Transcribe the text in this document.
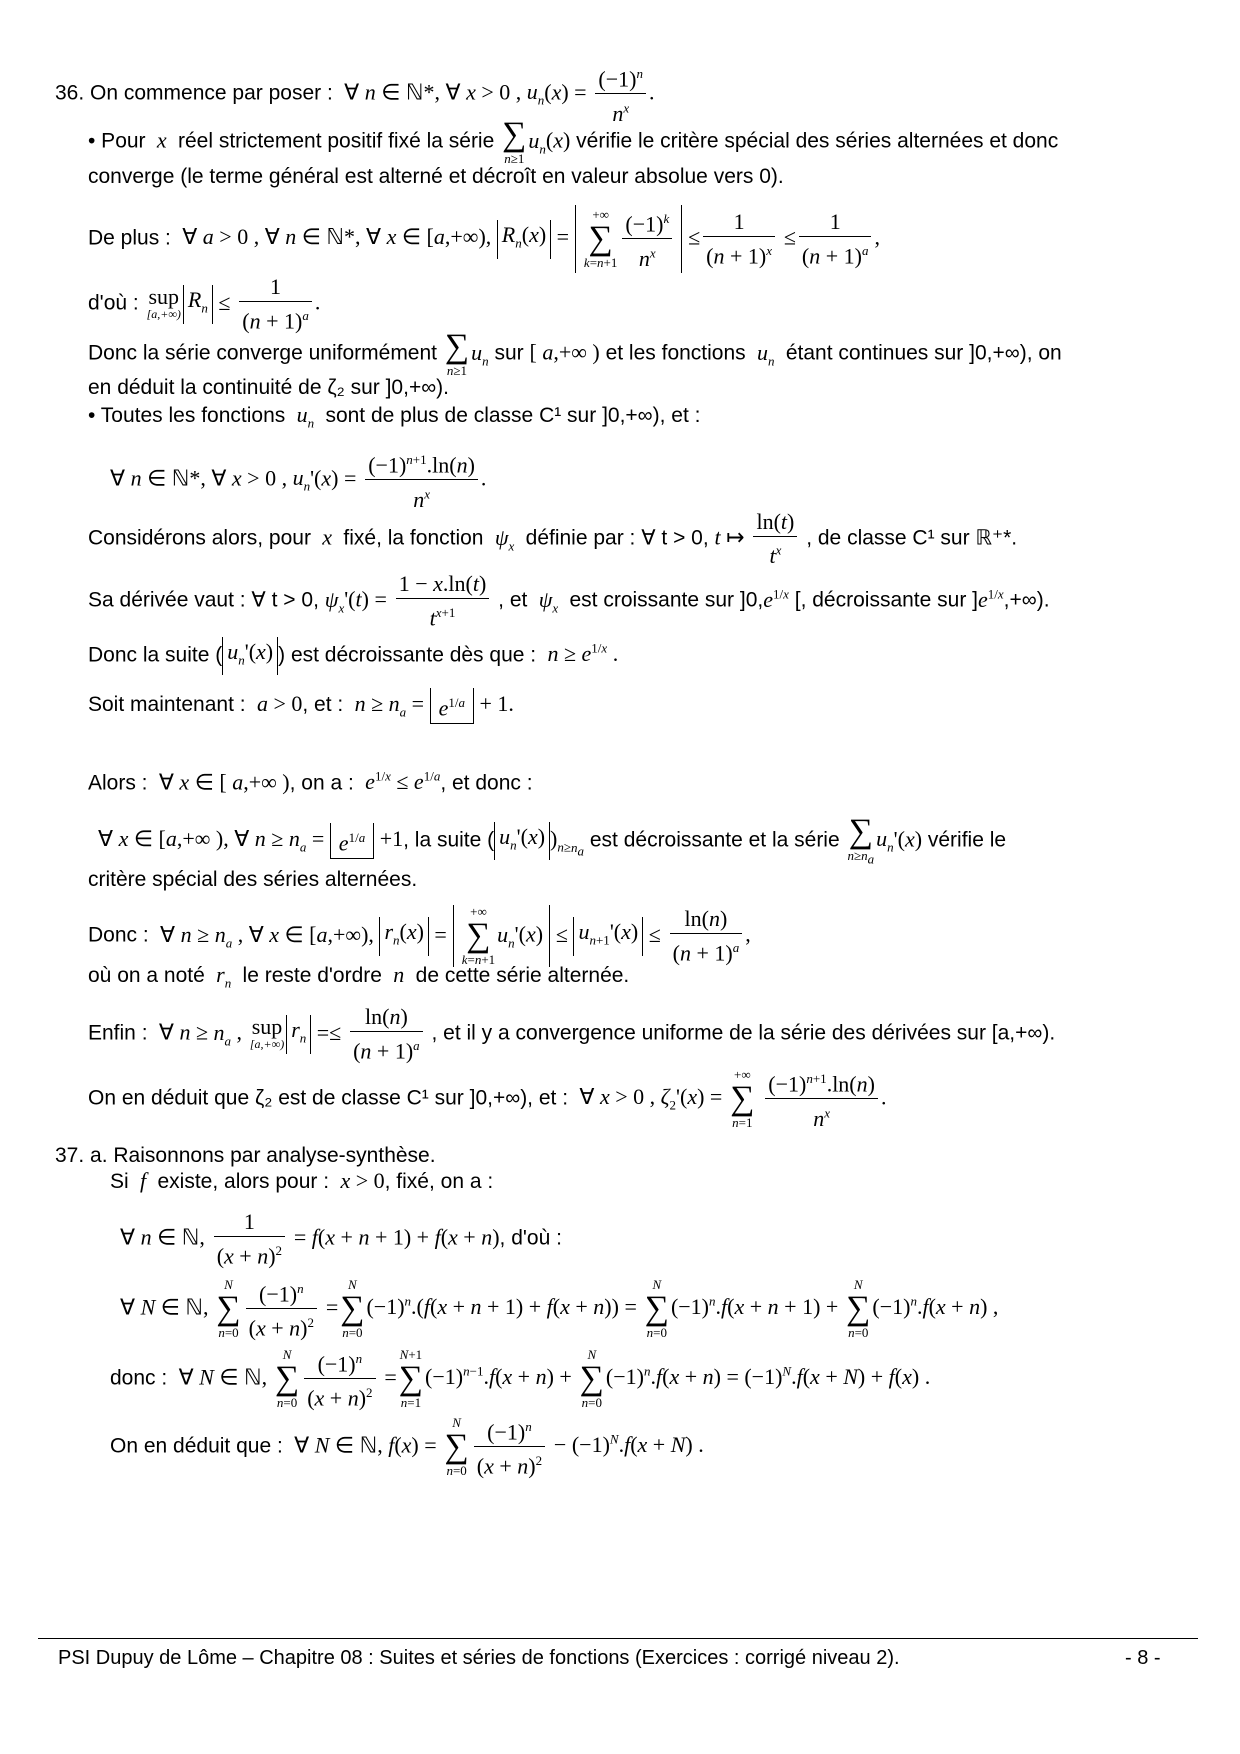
36. On commence par poser :  ∀ n ∈ ℕ*, ∀ x > 0 , $u_n(x) = \frac{(-1)^n}{n^x}$ .
• Pour  x  réel strictement positif fixé la série ∑
n≥1
$u_n(x)$ vérifie le critère spécial des séries alternées et donc
converge (le terme général est alterné et décroît en valeur absolue vers 0).
De plus :  ∀ a > 0 , ∀ n ∈ ℕ*, ∀ x ∈ [a,+∞), $R_n(x)$ =
+∞
∑
$k=n+1 \frac{(-1)^k}{n^x} \le \frac{1}{(n + 1)^x} \le \frac{1}{(n + 1)^a}$ ,
d'où : sup
[a,+∞)
$R_n \le \frac{1}{(n + 1)^a}$ .
Donc la série converge uniformément ∑
n≥1
$u_n$ sur [ a,+∞ ) et les fonctions  $u_n$ étant continues sur ]0,+∞), on
en déduit la continuité de ζ₂ sur ]0,+∞).
• Toutes les fonctions  $u_n$ sont de plus de classe C¹ sur ]0,+∞), et :
∀ n ∈ ℕ*, ∀ x > 0 , $u_n'(x) = \frac{(-1)^{n+1}.\ln(n)}{n^x}$ .
Considérons alors, pour  x  fixé, la fonction  $\psi_x$ définie par : ∀ t > 0, t ↦ $\frac{\ln(t)}{t^x}$ , de classe C¹ sur ℝ⁺*.
Sa dérivée vaut : ∀ t > 0, $\psi_x'(t) = \frac{1 - x.\ln(t)}{t^{x+1}}$ , et  $\psi_x$ est croissante sur ]$0,e^{1/x}$ [, décroissante sur ]$e^{1/x},+\infty$).
Donc la suite ( $u_n'(x)$ ) est décroissante dès que : $n \ge e^{1/x}$ .
Soit maintenant : a > 0, et : $n \ge n_a = e^{1/a} + 1$.
Alors :  ∀ x ∈ [ a,+∞ ), on a : $e^{1/x} \le e^{1/a}$, et donc :
∀ x ∈ [a,+∞ ), ∀ $n \ge n_a = e^{1/a} +1$, la suite ( $u_n'(x)$ )$_{n\ge n_a}$ est décroissante et la série ∑
$n\ge n_a$
$u_n'(x)$ vérifie le
critère spécial des séries alternées.
Donc :  ∀ $n \ge n_a$ , ∀ x ∈ [a,+∞), $r_n(x)$ =
+∞
∑
k=n+1
$u_n'(x) \le u_{n+1}'(x) \le \frac{\ln(n)}{(n + 1)^a}$ ,
où on a noté  $r_n$ le reste d'ordre  n  de cette série alternée.
Enfin :  ∀ $n \ge n_a$ , sup
[a,+∞)
$r_n =\le \frac{\ln(n)}{(n + 1)^a}$ , et il y a convergence uniforme de la série des dérivées sur [a,+∞).
On en déduit que ζ₂ est de classe C¹ sur ]0,+∞), et :  ∀ x > 0 , $\zeta_2'(x)$ =
+∞
∑
n=1
$\frac{(-1)^{n+1}.\ln(n)}{n^x}$ .
37. a. Raisonnons par analyse-synthèse.
Si  f  existe, alors pour : x > 0, fixé, on a :
∀ n ∈ ℕ, $\frac{1}{(x + n)^2} = f(x + n + 1) + f(x + n)$, d'où :
∀ N ∈ ℕ,
N
∑
$n=0 \frac{(-1)^n}{(x + n)^2}$ =
N
∑
n=0
$(-1)^n.(f(x + n + 1) + f(x + n))$ =
N
∑
n=0
$(-1)^n.f(x + n + 1)$ +
N
∑
n=0
$(-1)^n.f(x + n)$ ,
donc :  ∀ N ∈ ℕ,
N
∑
$n=0 \frac{(-1)^n}{(x + n)^2}$ =
N+1
∑
n=1
$(-1)^{n-1}.f(x + n)$ +
N
∑
n=0
$(-1)^n.f(x + n) = (-1)^N.f(x + N) + f(x)$ .
On en déduit que :  ∀ N ∈ ℕ, f(x) =
N
∑
$n=0 \frac{(-1)^n}{(x + n)^2} - (-1)^N.f(x + N)$ .
PSI Dupuy de Lôme – Chapitre 08 : Suites et séries de fonctions (Exercices : corrigé niveau 2).	- 8 -
